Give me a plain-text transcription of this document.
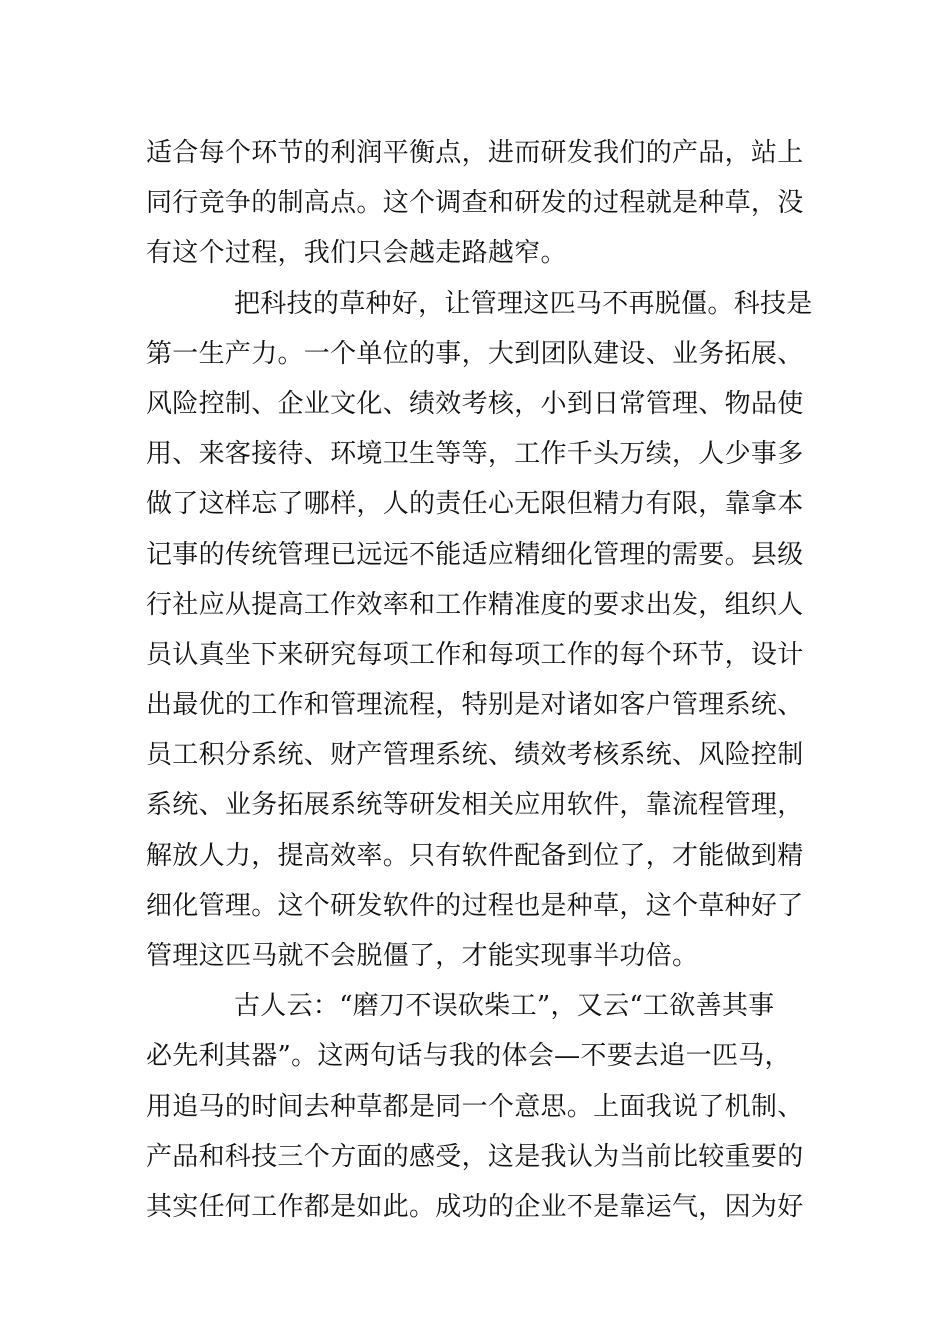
适合每个环节的利润平衡点，进而研发我们的产品，站上
同行竞争的制高点。这个调查和研发的过程就是种草，没
有这个过程，我们只会越走路越窄。
把科技的草种好，让管理这匹马不再脱僵。科技是
第一生产力。一个单位的事，大到团队建设、业务拓展、
风险控制、企业文化、绩效考核，小到日常管理、物品使
用、来客接待、环境卫生等等，工作千头万续，人少事多
做了这样忘了哪样，人的责任心无限但精力有限，靠拿本
记事的传统管理已远远不能适应精细化管理的需要。县级
行社应从提高工作效率和工作精准度的要求出发，组织人
员认真坐下来研究每项工作和每项工作的每个环节，设计
出最优的工作和管理流程，特别是对诸如客户管理系统、
员工积分系统、财产管理系统、绩效考核系统、风险控制
系统、业务拓展系统等研发相关应用软件，靠流程管理，
解放人力，提高效率。只有软件配备到位了，才能做到精
细化管理。这个研发软件的过程也是种草，这个草种好了
管理这匹马就不会脱僵了，才能实现事半功倍。
古人云：“磨刀不误砍柴工”，又云“工欲善其事
必先利其器”。这两句话与我的体会—不要去追一匹马，
用追马的时间去种草都是同一个意思。上面我说了机制、
产品和科技三个方面的感受，这是我认为当前比较重要的
其实任何工作都是如此。成功的企业不是靠运气，因为好
